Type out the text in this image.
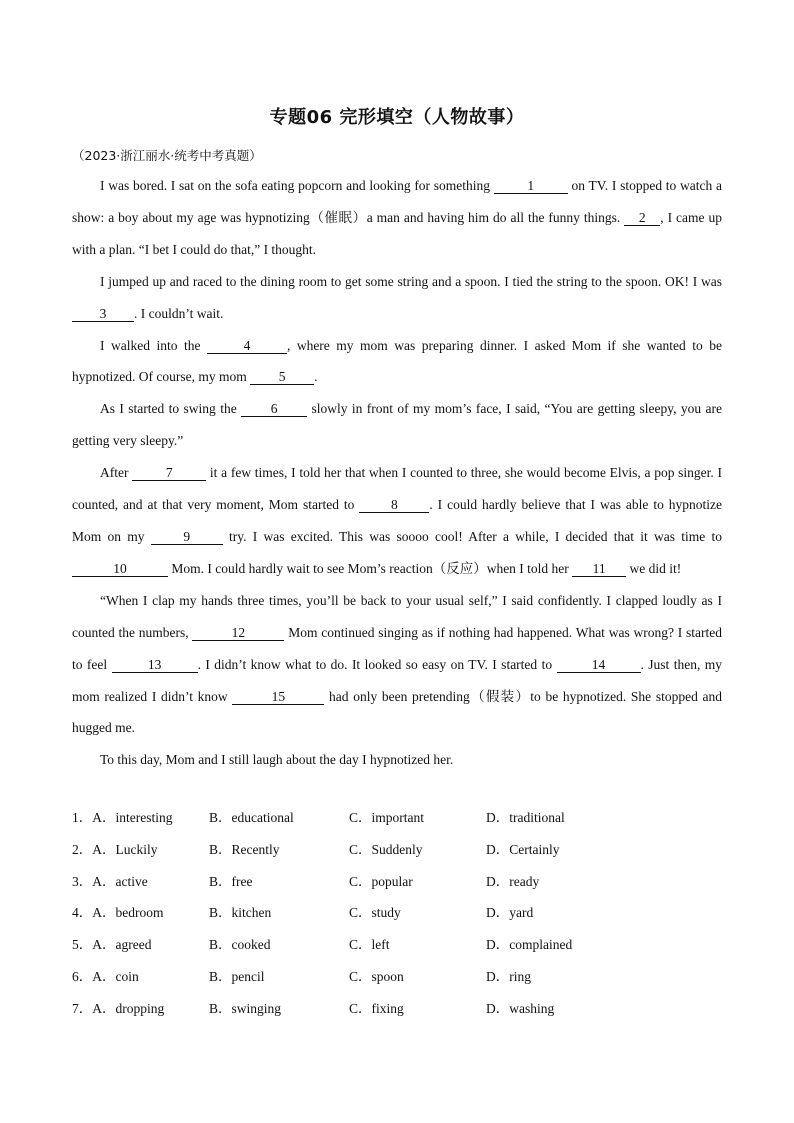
专题06 完形填空（人物故事）
（2023·浙江丽水·统考中考真题）

I was bored. I sat on the sofa eating popcorn and looking for something 1 on TV. I stopped to watch a show: a boy about my age was hypnotizing（催眠）a man and having him do all the funny things. 2 , I came up with a plan. “I bet I could do that,” I thought.

I jumped up and raced to the dining room to get some string and a spoon. I tied the string to the spoon. OK! I was 3 . I couldn’t wait.

I walked into the	4	, where my mom was preparing dinner. I asked Mom if she wanted to be hypnotized. Of course, my mom 5 .

As I started to swing the 6 slowly in front of my mom’s face, I said, “You are getting sleepy, you are getting very sleepy.”

After 7 it a few times, I told her that when I counted to three, she would become Elvis, a pop singer. I counted, and at that very moment, Mom started to 8 . I could hardly believe that I was able to hypnotize Mom on my 9 try. I was excited. This was soooo cool! After a while, I decided that it was time to 10	Mom. I could hardly wait to see Mom’s reaction（反应）when I told her 11 we did it!

“When I clap my hands three times, you’ll be back to your usual self,” I said confidently. I clapped loudly as I counted the numbers,	12	Mom continued singing as if nothing had happened. What was wrong? I started to feel	13	. I didn’t know what to do. It looked so easy on TV. I started to	14	. Just then, my mom realized I didn’t know	15	had only been pretending（假装）to be hypnotized. She stopped and hugged me.

To this day, Mom and I still laugh about the day I hypnotized her.

1．A．interesting	B．educational	C．important	D．traditional
2．A．Luckily	B．Recently	C．Suddenly	D．Certainly
3．A．active	B．free	C．popular	D．ready
4．A．bedroom	B．kitchen	C．study	D．yard
5．A．agreed	B．cooked	C．left	D．complained
6．A．coin	B．pencil	C．spoon	D．ring
7．A．dropping	B．swinging	C．fixing	D．washing
